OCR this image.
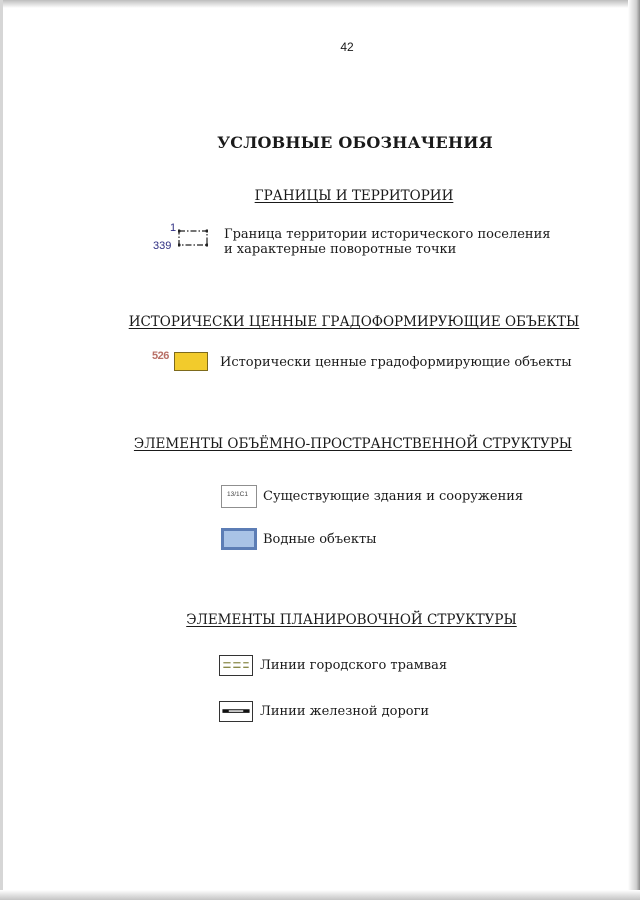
42
УСЛОВНЫЕ ОБОЗНАЧЕНИЯ
ГРАНИЦЫ И ТЕРРИТОРИИ
1
339
Граница территории исторического поселения
и характерные поворотные точки
ИСТОРИЧЕСКИ ЦЕННЫЕ ГРАДОФОРМИРУЮЩИЕ ОБЪЕКТЫ
526	Исторически ценные градоформирующие объекты
ЭЛЕМЕНТЫ ОБЪЁМНО-ПРОСТРАНСТВЕННОЙ СТРУКТУРЫ
13/1С1 Существующие здания и сооружения
Водные объекты
ЭЛЕМЕНТЫ ПЛАНИРОВОЧНОЙ СТРУКТУРЫ
Линии городского трамвая
Линии железной дороги
